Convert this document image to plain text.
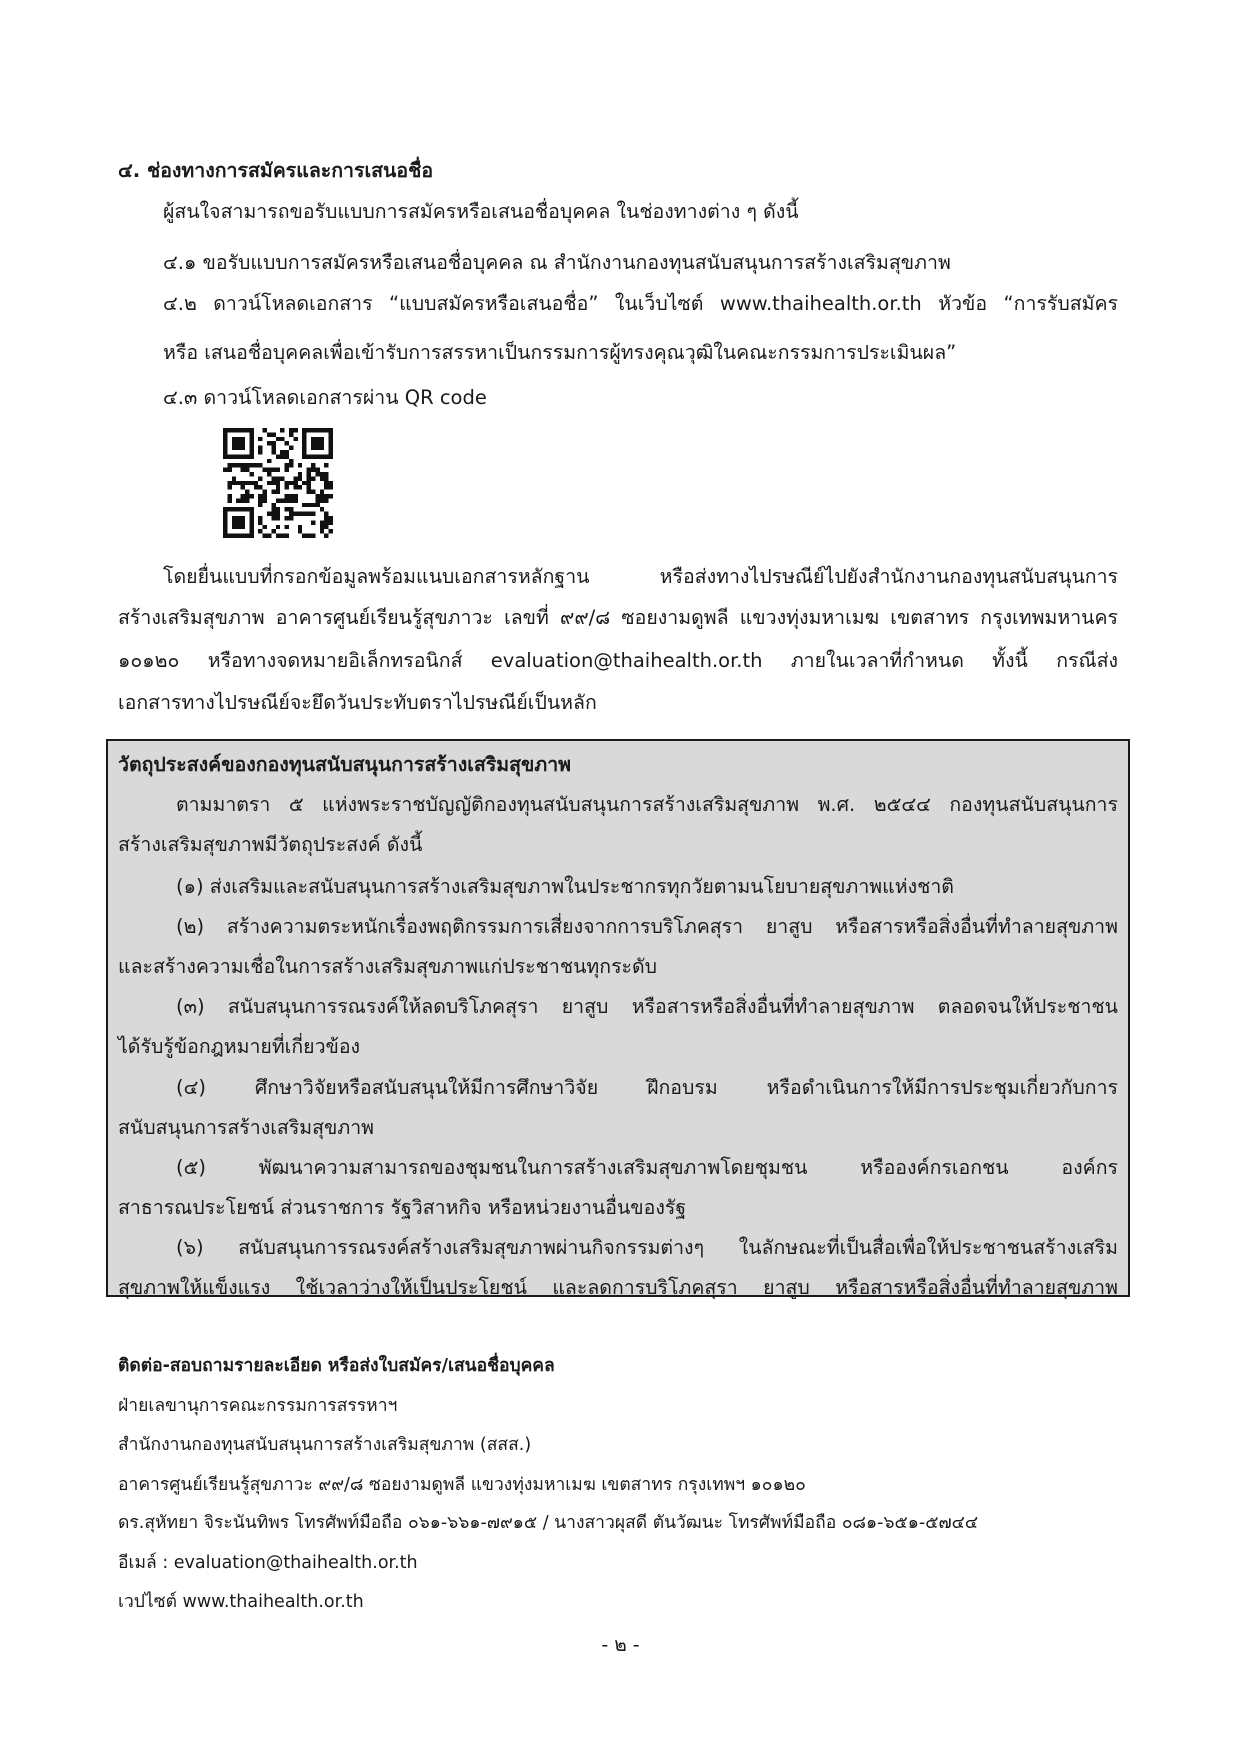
๔. ช่องทางการสมัครและการเสนอชื่อ
ผู้สนใจสามารถขอรับแบบการสมัครหรือเสนอชื่อบุคคล ในช่องทางต่าง ๆ ดังนี้
๔.๑ ขอรับแบบการสมัครหรือเสนอชื่อบุคคล ณ สำนักงานกองทุนสนับสนุนการสร้างเสริมสุขภาพ
๔.๒ ดาวน์โหลดเอกสาร “แบบสมัครหรือเสนอชื่อ” ในเว็บไซต์ www.thaihealth.or.th หัวข้อ “การรับสมัคร
หรือ เสนอชื่อบุคคลเพื่อเข้ารับการสรรหาเป็นกรรมการผู้ทรงคุณวุฒิในคณะกรรมการประเมินผล”
๔.๓ ดาวน์โหลดเอกสารผ่าน QR code
โดยยื่นแบบที่กรอกข้อมูลพร้อมแนบเอกสารหลักฐาน หรือส่งทางไปรษณีย์ไปยังสำนักงานกองทุนสนับสนุนการ
สร้างเสริมสุขภาพ อาคารศูนย์เรียนรู้สุขภาวะ เลขที่ ๙๙/๘ ซอยงามดูพลี แขวงทุ่งมหาเมฆ เขตสาทร กรุงเทพมหานคร
๑๐๑๒๐ หรือทางจดหมายอิเล็กทรอนิกส์ evaluation@thaihealth.or.th ภายในเวลาที่กำหนด ทั้งนี้ กรณีส่ง
เอกสารทางไปรษณีย์จะยึดวันประทับตราไปรษณีย์เป็นหลัก
วัตถุประสงค์ของกองทุนสนับสนุนการสร้างเสริมสุขภาพ
ตามมาตรา ๕ แห่งพระราชบัญญัติกองทุนสนับสนุนการสร้างเสริมสุขภาพ พ.ศ. ๒๕๔๔ กองทุนสนับสนุนการ
สร้างเสริมสุขภาพมีวัตถุประสงค์ ดังนี้
(๑) ส่งเสริมและสนับสนุนการสร้างเสริมสุขภาพในประชากรทุกวัยตามนโยบายสุขภาพแห่งชาติ
(๒) สร้างความตระหนักเรื่องพฤติกรรมการเสี่ยงจากการบริโภคสุรา ยาสูบ หรือสารหรือสิ่งอื่นที่ทำลายสุขภาพ
และสร้างความเชื่อในการสร้างเสริมสุขภาพแก่ประชาชนทุกระดับ
(๓) สนับสนุนการรณรงค์ให้ลดบริโภคสุรา ยาสูบ หรือสารหรือสิ่งอื่นที่ทำลายสุขภาพ ตลอดจนให้ประชาชน
ได้รับรู้ข้อกฎหมายที่เกี่ยวข้อง
(๔) ศึกษาวิจัยหรือสนับสนุนให้มีการศึกษาวิจัย ฝึกอบรม หรือดำเนินการให้มีการประชุมเกี่ยวกับการ
สนับสนุนการสร้างเสริมสุขภาพ
(๕) พัฒนาความสามารถของชุมชนในการสร้างเสริมสุขภาพโดยชุมชน หรือองค์กรเอกชน องค์กร
สาธารณประโยชน์ ส่วนราชการ รัฐวิสาหกิจ หรือหน่วยงานอื่นของรัฐ
(๖) สนับสนุนการรณรงค์สร้างเสริมสุขภาพผ่านกิจกรรมต่างๆ ในลักษณะที่เป็นสื่อเพื่อให้ประชาชนสร้างเสริม
สุขภาพให้แข็งแรง ใช้เวลาว่างให้เป็นประโยชน์ และลดการบริโภคสุรา ยาสูบ หรือสารหรือสิ่งอื่นที่ทำลายสุขภาพ
ติดต่อ-สอบถามรายละเอียด หรือส่งใบสมัคร/เสนอชื่อบุคคล
ฝ่ายเลขานุการคณะกรรมการสรรหาฯ
สำนักงานกองทุนสนับสนุนการสร้างเสริมสุขภาพ (สสส.)
อาคารศูนย์เรียนรู้สุขภาวะ ๙๙/๘ ซอยงามดูพลี แขวงทุ่งมหาเมฆ เขตสาทร กรุงเทพฯ ๑๐๑๒๐
ดร.สุหัทยา จิระนันทิพร โทรศัพท์มือถือ ๐๖๑-๖๖๑-๗๙๑๕ / นางสาวผุสดี ตันวัฒนะ โทรศัพท์มือถือ ๐๘๑-๖๕๑-๕๗๔๔
อีเมล์ : evaluation@thaihealth.or.th
เวปไซต์ www.thaihealth.or.th
- ๒ -
